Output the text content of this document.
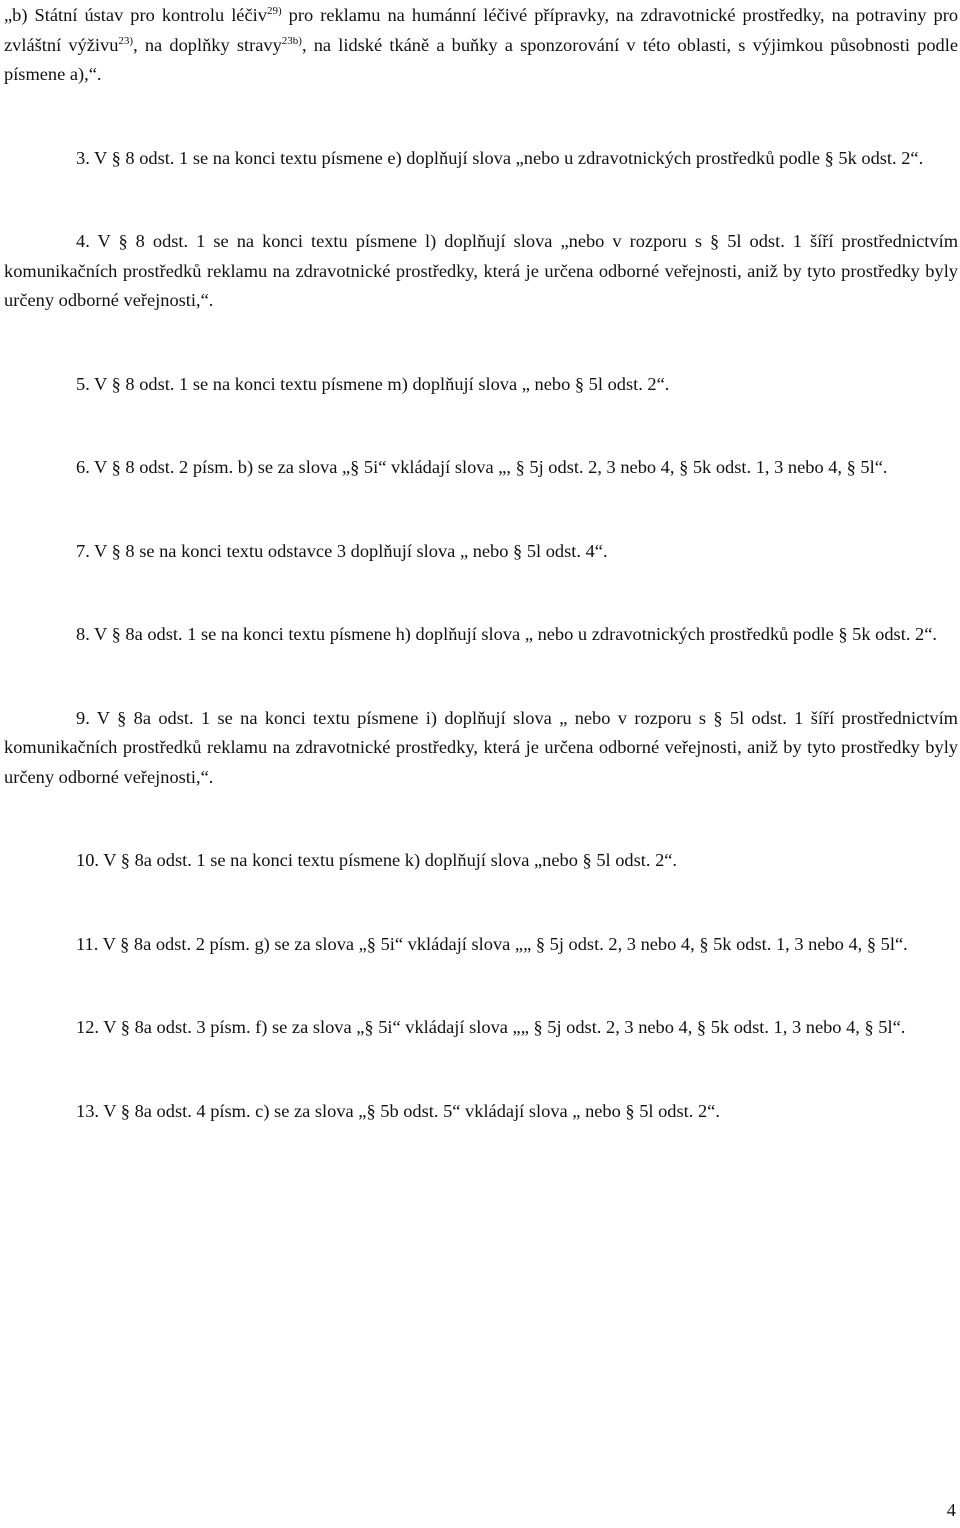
„b) Státní ústav pro kontrolu léčiv$^{29)}$ pro reklamu na humánní léčivé přípravky, na zdravotnické prostředky, na potraviny pro zvláštní výživu$^{23)}$, na doplňky stravy$^{23b)}$, na lidské tkáně a buňky a sponzorování v této oblasti, s výjimkou působnosti podle písmene a),“.

3. V § 8 odst. 1 se na konci textu písmene e) doplňují slova „nebo u zdravotnických prostředků podle § 5k odst. 2“.

4. V § 8 odst. 1 se na konci textu písmene l) doplňují slova „nebo v rozporu s § 5l odst. 1 šíří prostřednictvím komunikačních prostředků reklamu na zdravotnické prostředky, která je určena odborné veřejnosti, aniž by tyto prostředky byly určeny odborné veřejnosti,“.

5. V § 8 odst. 1 se na konci textu písmene m) doplňují slova „ nebo § 5l odst. 2“.

6. V § 8 odst. 2 písm. b) se za slova „§ 5i“ vkládají slova „, § 5j odst. 2, 3 nebo 4, § 5k odst. 1, 3 nebo 4, § 5l“.

7. V § 8 se na konci textu odstavce 3 doplňují slova „ nebo § 5l odst. 4“.

8. V § 8a odst. 1 se na konci textu písmene h) doplňují slova „ nebo u zdravotnických prostředků podle § 5k odst. 2“.

9. V § 8a odst. 1 se na konci textu písmene i) doplňují slova „ nebo v rozporu s § 5l odst. 1 šíří prostřednictvím komunikačních prostředků reklamu na zdravotnické prostředky, která je určena odborné veřejnosti, aniž by tyto prostředky byly určeny odborné veřejnosti,“.

10. V § 8a odst. 1 se na konci textu písmene k) doplňují slova „nebo § 5l odst. 2“.

11. V § 8a odst. 2 písm. g) se za slova „§ 5i“ vkládají slova „„ § 5j odst. 2, 3 nebo 4, § 5k odst. 1, 3 nebo 4, § 5l“.

12. V § 8a odst. 3 písm. f) se za slova „§ 5i“ vkládají slova „„ § 5j odst. 2, 3 nebo 4, § 5k odst. 1, 3 nebo 4, § 5l“.

13. V § 8a odst. 4 písm. c) se za slova „§ 5b odst. 5“ vkládají slova „ nebo § 5l odst. 2“.

4
